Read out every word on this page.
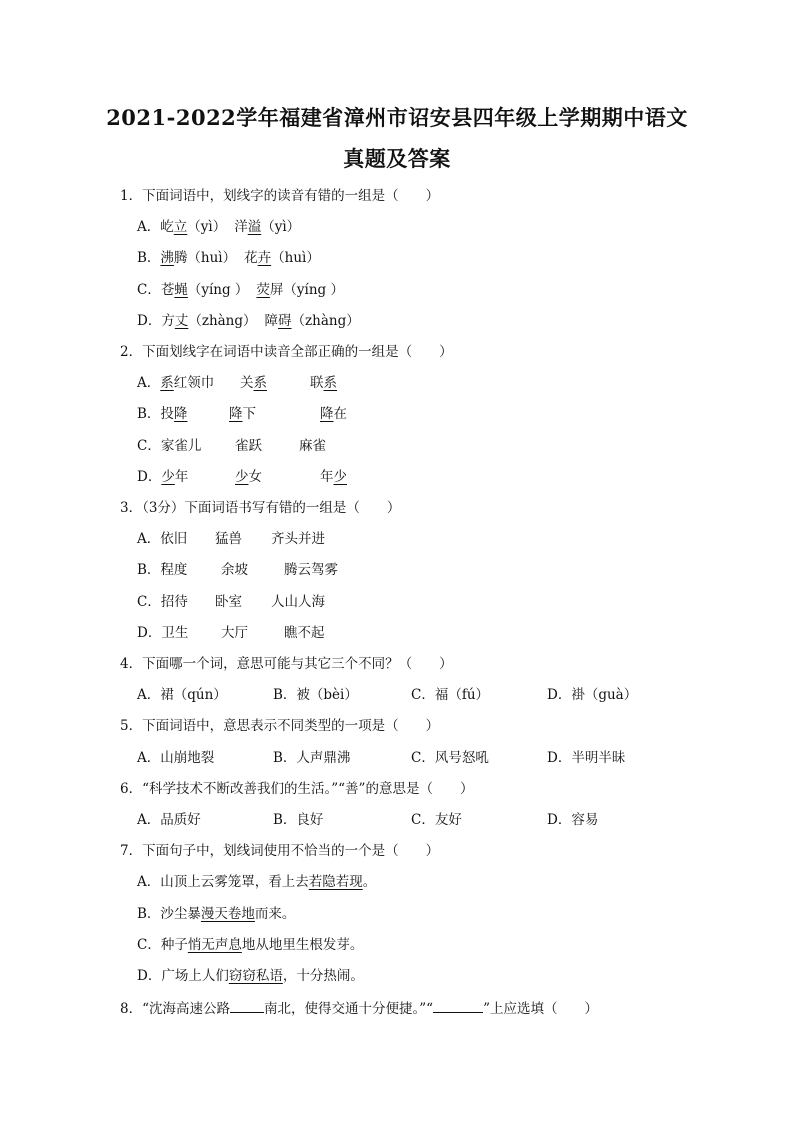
2021-2022学年福建省漳州市诏安县四年级上学期期中语文
真题及答案
1．下面词语中，划线字的读音有错的一组是（　　）
A．屹立（yì） 洋溢（yì）
B．沸腾（huì） 花卉（huì）
C．苍蝇（yíng ） 荧屏（yíng ）
D．方丈（zhàng） 障碍（zhàng）
2．下面划线字在词语中读音全部正确的一组是（　　）
A．系红领巾 关系	联系
B．投降	降下	降在
C．家雀儿 雀跃	麻雀
D．少年	少女	年少
3．（3分）下面词语书写有错的一组是（　　）
A．依旧 猛兽 齐头并进
B．程度 余坡	腾云驾雾
C．招待 卧室 人山人海
D．卫生 大厅	瞧不起
4．下面哪一个词，意思可能与其它三个不同？（　　）
A．裙（qún）	B．被（bèi）	C．福（fú）	D．褂（guà）
5．下面词语中，意思表示不同类型的一项是（　　）
A．山崩地裂	B．人声鼎沸	C．风号怒吼	D．半明半昧
6．“科学技术不断改善我们的生活。”“善”的意思是（　　）
A．品质好	B．良好	C．友好	D．容易
7．下面句子中，划线词使用不恰当的一个是（　　）
A．山顶上云雾笼罩，看上去若隐若现。
B．沙尘暴漫天卷地而来。
C．种子悄无声息地从地里生根发芽。
D．广场上人们窃窃私语，十分热闹。
8．“沈海高速公路	南北，使得交通十分便捷。”“	”上应选填（　　）
